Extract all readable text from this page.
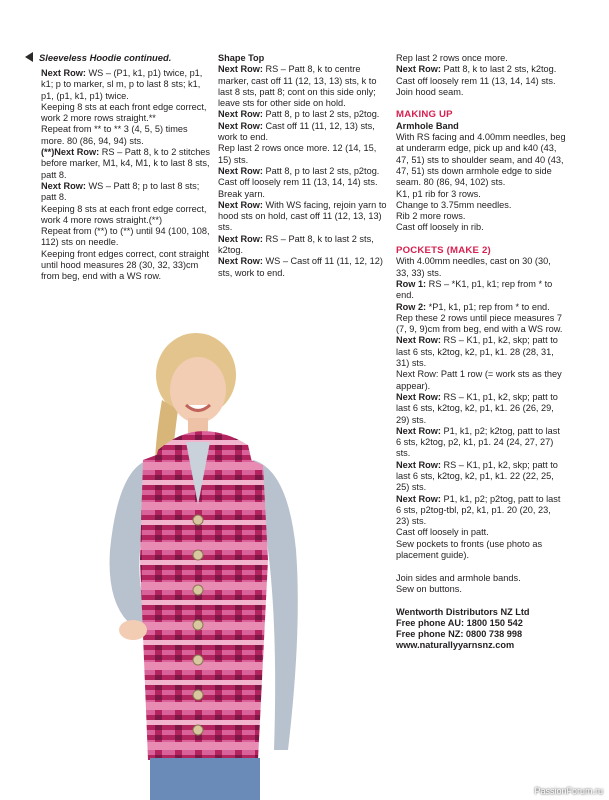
Sleeveless Hoodie continued.

Next Row: WS – (P1, k1, p1) twice, p1, k1; p to marker, sl m, p to last 8 sts; k1, p1, (p1, k1, p1) twice.

Keeping 8 sts at each front edge correct, work 2 more rows straight.**

Repeat from ** to ** 3 (4, 5, 5) times more. 80 (86, 94, 94) sts.

(**)Next Row: RS – Patt 8, k to 2 stitches before marker, M1, k4, M1, k to last 8 sts, patt 8.

Next Row: WS – Patt 8; p to last 8 sts; patt 8.

Keeping 8 sts at each front edge correct, work 4 more rows straight.(**)

Repeat from (**) to (**) until 94 (100, 108, 112) sts on needle.

Keeping front edges correct, cont straight until hood measures 28 (30, 32, 33)cm from beg, end with a WS row.

Shape Top

Next Row: RS – Patt 8, k to centre marker, cast off 11 (12, 13, 13) sts, k to last 8 sts, patt 8; cont on this side only; leave sts for other side on hold.

Next Row: Patt 8, p to last 2 sts, p2tog.

Next Row: Cast off 11 (11, 12, 13) sts, work to end.

Rep last 2 rows once more. 12 (14, 15, 15) sts.

Next Row: Patt 8, p to last 2 sts, p2tog.

Cast off loosely rem 11 (13, 14, 14) sts.

Break yarn.

Next Row: With WS facing, rejoin yarn to hood sts on hold, cast off 11 (12, 13, 13) sts.

Next Row: RS – Patt 8, k to last 2 sts, k2tog.

Next Row: WS – Cast off 11 (11, 12, 12) sts, work to end.

Rep last 2 rows once more.

Next Row: Patt 8, k to last 2 sts, k2tog.

Cast off loosely rem 11 (13, 14, 14) sts.

Join hood seam.

MAKING UP

Armhole Band

With RS facing and 4.00mm needles, beg at underarm edge, pick up and k40 (43, 47, 51) sts to shoulder seam, and 40 (43, 47, 51) sts down armhole edge to side seam. 80 (86, 94, 102) sts.

K1, p1 rib for 3 rows.

Change to 3.75mm needles.

Rib 2 more rows.

Cast off loosely in rib.

POCKETS (MAKE 2)

With 4.00mm needles, cast on 30 (30, 33, 33) sts.

Row 1: RS – *K1, p1, k1; rep from * to end.

Row 2: *P1, k1, p1; rep from * to end.

Rep these 2 rows until piece measures 7 (7, 9, 9)cm from beg, end with a WS row.

Next Row: RS – K1, p1, k2, skp; patt to last 6 sts, k2tog, k2, p1, k1. 28 (28, 31, 31) sts.

Next Row: Patt 1 row (= work sts as they appear).

Next Row: RS – K1, p1, k2, skp; patt to last 6 sts, k2tog, k2, p1, k1. 26 (26, 29, 29) sts.

Next Row: P1, k1, p2; k2tog, patt to last 6 sts, k2tog, p2, k1, p1. 24 (24, 27, 27) sts.

Next Row: RS – K1, p1, k2, skp; patt to last 6 sts, k2tog, k2, p1, k1. 22 (22, 25, 25) sts.

Next Row: P1, k1, p2; p2tog, patt to last 6 sts, p2tog-tbl, p2, k1, p1. 20 (20, 23, 23) sts.

Cast off loosely in patt.

Sew pockets to fronts (use photo as placement guide).

Join sides and armhole bands.

Sew on buttons.

Wentworth Distributors NZ Ltd

Free phone AU: 1800 150 542

Free phone NZ: 0800 738 998

www.naturallyyarnsnz.com

PassionForum.ru
